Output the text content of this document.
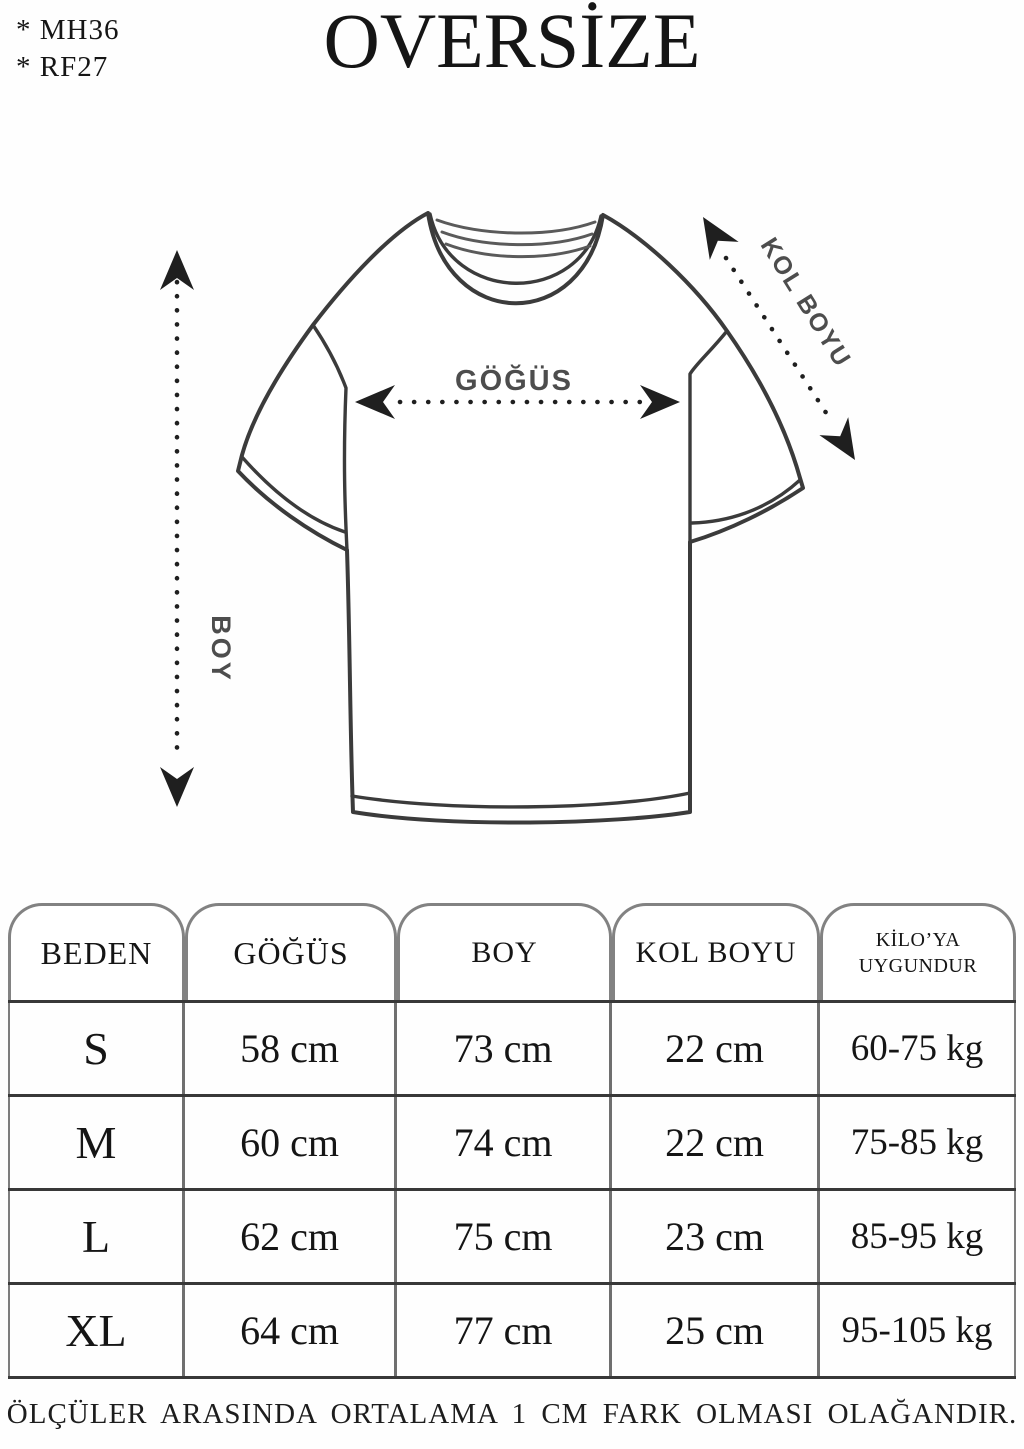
* MH36
* RF27	OVERSİZE
BOY
GÖĞÜS
KOL BOYU
BEDEN	GÖĞÜS	BOY	KOL BOYU	KİLO’YA
UYGUNDUR
S	58 cm	73 cm	22 cm	60-75 kg
M	60 cm	74 cm	22 cm	75-85 kg
L	62 cm	75 cm	23 cm	85-95 kg
XL	64 cm	77 cm	25 cm	95-105 kg
ÖLÇÜLER ARASINDA ORTALAMA 1 CM FARK OLMASI OLAĞANDIR.
